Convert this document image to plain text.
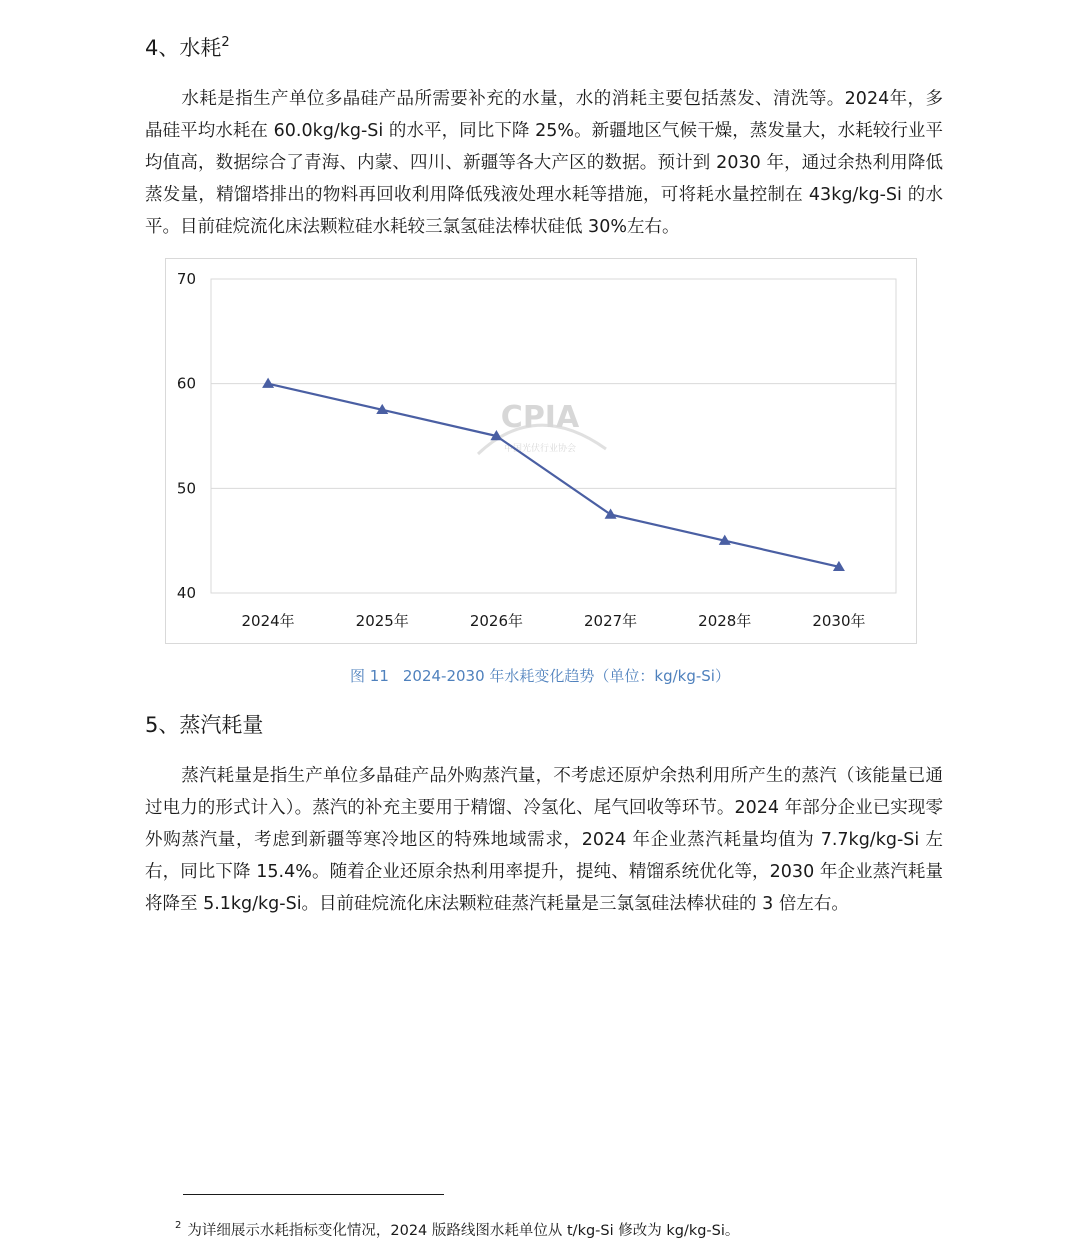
4、水耗$^2$

水耗是指生产单位多晶硅产品所需要补充的水量，水的消耗主要包括蒸发、清洗等。2024年，多晶硅平均水耗在 60.0kg/kg-Si 的水平，同比下降 25%。新疆地区气候干燥，蒸发量大，水耗较行业平均值高，数据综合了青海、内蒙、四川、新疆等各大产区的数据。预计到 2030 年，通过余热利用降低蒸发量，精馏塔排出的物料再回收利用降低残液处理水耗等措施，可将耗水量控制在 43kg/kg-Si 的水平。目前硅烷流化床法颗粒硅水耗较三氯氢硅法棒状硅低 30%左右。

40
50
60
70
2024年	2025年	2026年	2027年	2028年	2030年
CPIA
中国光伏行业协会
图 11 2024-2030 年水耗变化趋势（单位：kg/kg-Si）
5、蒸汽耗量

蒸汽耗量是指生产单位多晶硅产品外购蒸汽量，不考虑还原炉余热利用所产生的蒸汽（该能量已通过电力的形式计入）。蒸汽的补充主要用于精馏、冷氢化、尾气回收等环节。2024 年部分企业已实现零外购蒸汽量，考虑到新疆等寒冷地区的特殊地域需求，2024 年企业蒸汽耗量均值为 7.7kg/kg-Si 左右，同比下降 15.4%。随着企业还原余热利用率提升，提纯、精馏系统优化等，2030 年企业蒸汽耗量将降至 5.1kg/kg-Si。目前硅烷流化床法颗粒硅蒸汽耗量是三氯氢硅法棒状硅的 3 倍左右。

$^2$ 为详细展示水耗指标变化情况，2024 版路线图水耗单位从 t/kg-Si 修改为 kg/kg-Si。
